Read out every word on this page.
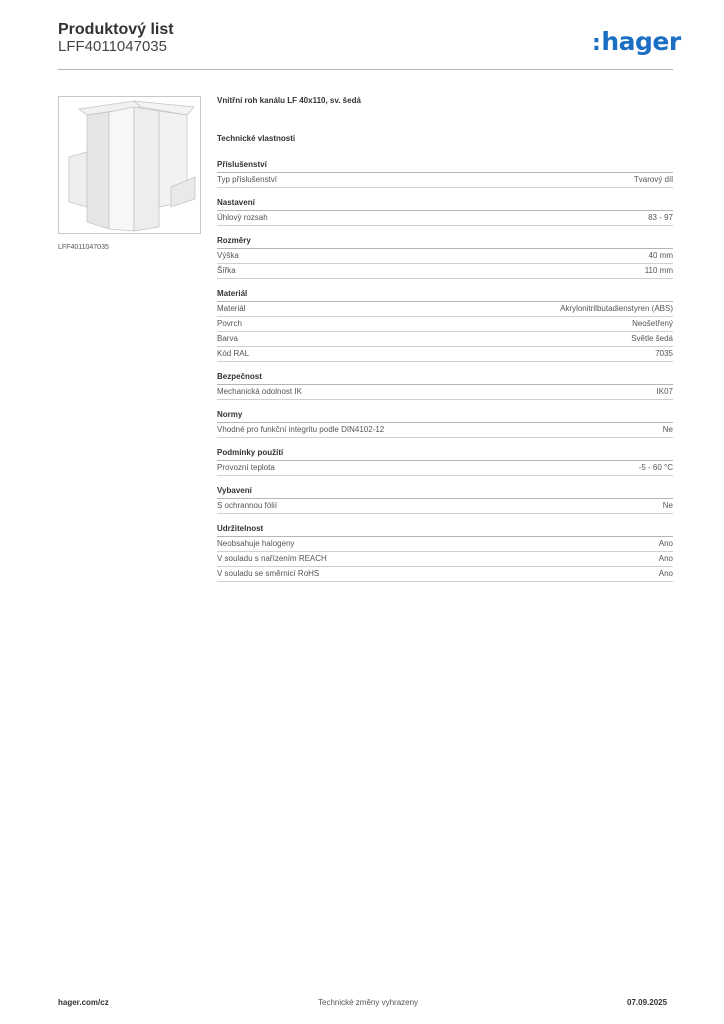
Produktový list
LFF4011047035	:hager
LFF4011047035
Vnitřní roh kanálu LF 40x110, sv. šedá
Technické vlastnosti
Příslušenství
Typ příslušenství	Tvarový díl
Nastavení
Úhlový rozsah	83 - 97
Rozměry
Výška	40 mm
Šířka	110 mm
Materiál
Materiál	Akrylonitrilbutadienstyren (ABS)
Povrch	Neošetřený
Barva	Světle šedá
Kód RAL	7035
Bezpečnost
Mechanická odolnost IK	IK07
Normy
Vhodné pro funkční integritu podle DIN4102-12	Ne
Podmínky použití
Provozní teplota	-5 - 60 °C
Vybavení
S ochrannou fólií	Ne
Udržitelnost
Neobsahuje halogeny	Ano
V souladu s nařízením REACH	Ano
V souladu se směrnicí RoHS	Ano
hager.com/cz	Technické změny vyhrazeny	07.09.2025
